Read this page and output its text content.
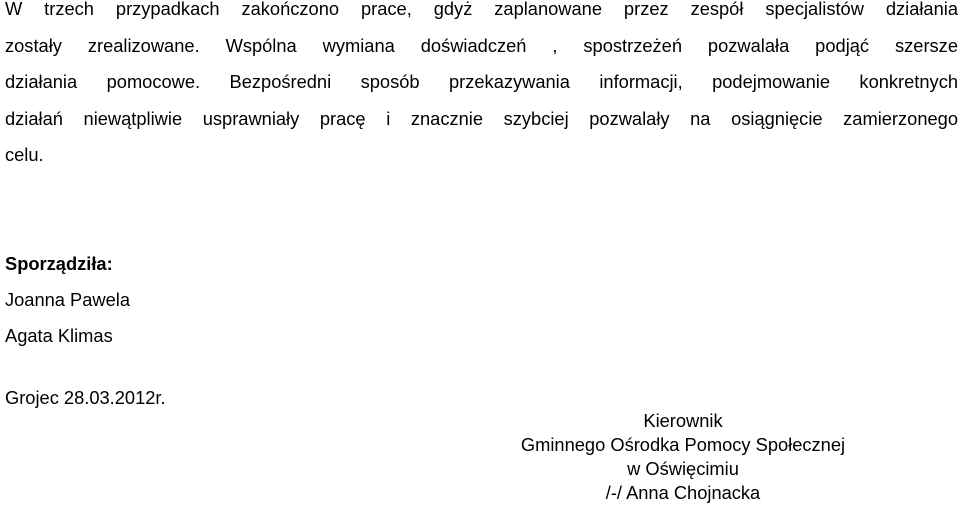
W trzech przypadkach zakończono prace, gdyż zaplanowane przez zespół specjalistów działania
zostały zrealizowane. Wspólna wymiana doświadczeń , spostrzeżeń pozwalała podjąć szersze
działania pomocowe. Bezpośredni sposób przekazywania informacji, podejmowanie konkretnych
działań niewątpliwie usprawniały pracę i znacznie szybciej pozwalały na osiągnięcie zamierzonego
celu.
Sporządziła:
Joanna Pawela
Agata Klimas
Grojec 28.03.2012r.
Kierownik
Gminnego Ośrodka Pomocy Społecznej
w Oświęcimiu
/-/ Anna Chojnacka
